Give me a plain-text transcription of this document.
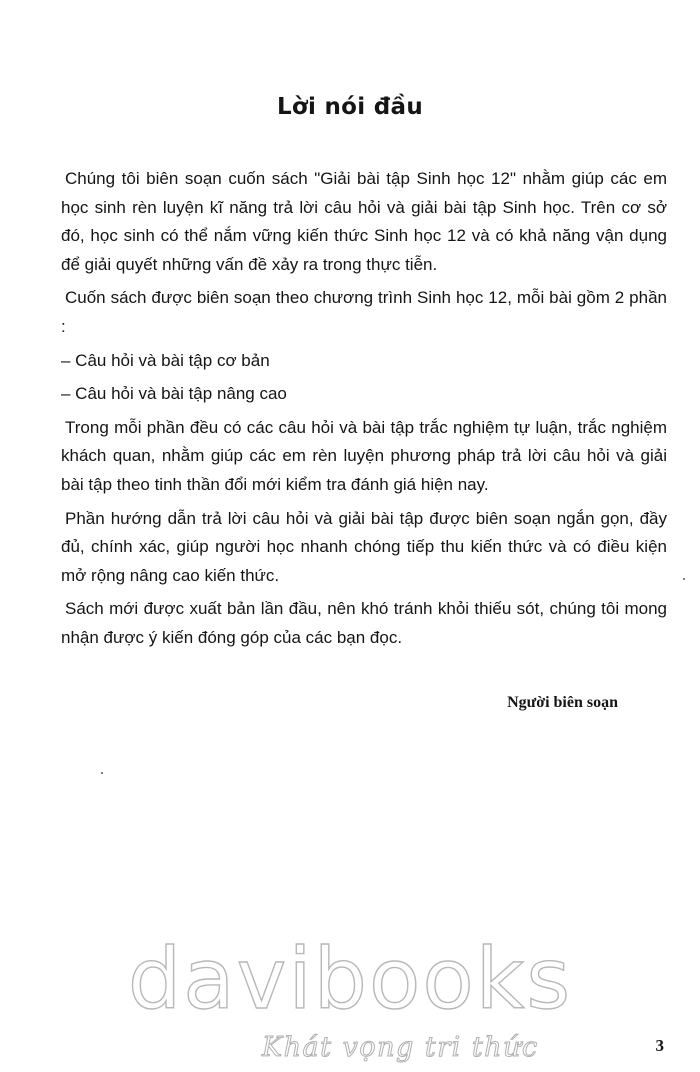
Lời nói đầu

Chúng tôi biên soạn cuốn sách "Giải bài tập Sinh học 12" nhằm giúp các em học sinh rèn luyện kĩ năng trả lời câu hỏi và giải bài tập Sinh học. Trên cơ sở đó, học sinh có thể nắm vững kiến thức Sinh học 12 và có khả năng vận dụng để giải quyết những vấn đề xảy ra trong thực tiễn.

Cuốn sách được biên soạn theo chương trình Sinh học 12, mỗi bài gồm 2 phần :

– Câu hỏi và bài tập cơ bản

– Câu hỏi và bài tập nâng cao

Trong mỗi phần đều có các câu hỏi và bài tập trắc nghiệm tự luận, trắc nghiệm khách quan, nhằm giúp các em rèn luyện phương pháp trả lời câu hỏi và giải bài tập theo tinh thần đổi mới kiểm tra đánh giá hiện nay.

Phần hướng dẫn trả lời câu hỏi và giải bài tập được biên soạn ngắn gọn, đầy đủ, chính xác, giúp người học nhanh chóng tiếp thu kiến thức và có điều kiện mở rộng nâng cao kiến thức.

Sách mới được xuất bản lần đầu, nên khó tránh khỏi thiếu sót, chúng tôi mong nhận được ý kiến đóng góp của các bạn đọc.

Người biên soạn
davibooks
Khát vọng tri thức	3
